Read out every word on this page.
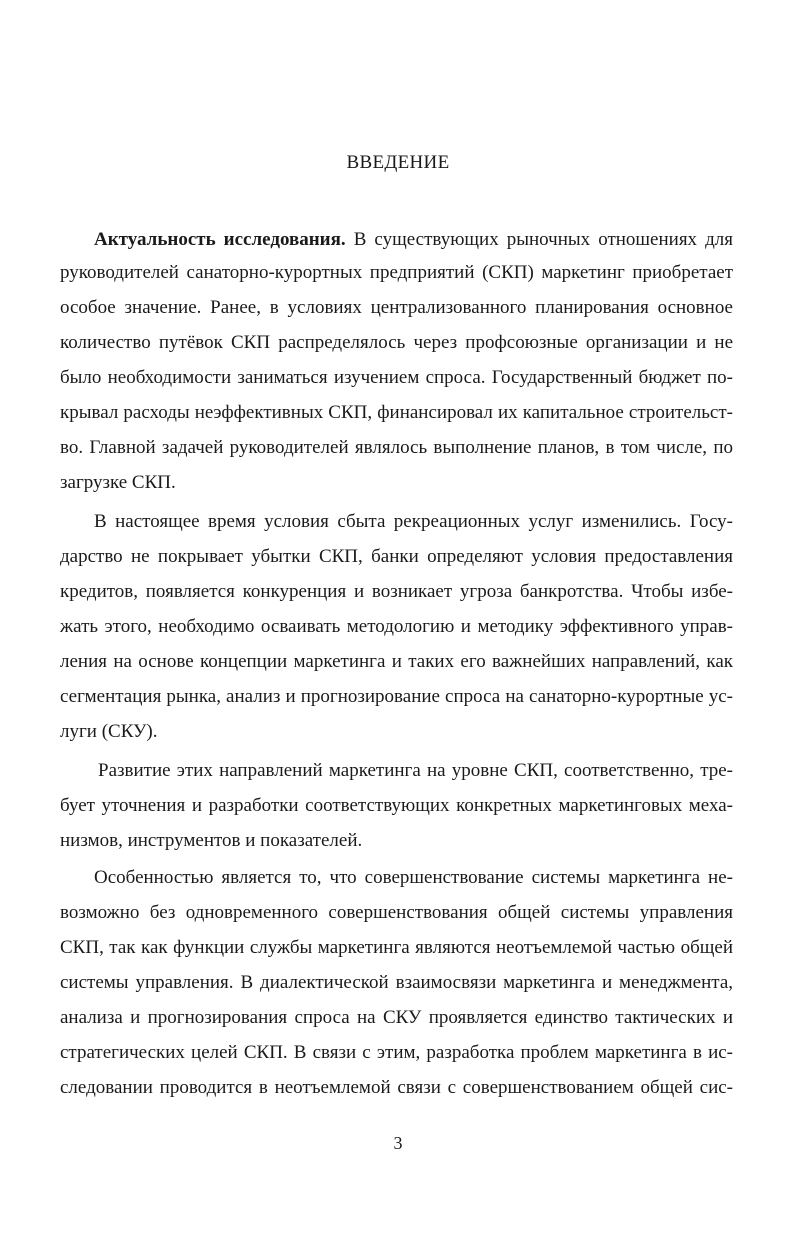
ВВЕДЕНИЕ
Актуальность исследования. В существующих рыночных отношениях для
руководителей санаторно-курортных предприятий (СКП) маркетинг приобретает
особое значение. Ранее, в условиях централизованного планирования основное
количество путёвок СКП распределялось через профсоюзные организации и не
было необходимости заниматься изучением спроса. Государственный бюджет по-
крывал расходы неэффективных СКП, финансировал их капитальное строительст-
во. Главной задачей руководителей являлось выполнение планов, в том числе, по
загрузке СКП.
В настоящее время условия сбыта рекреационных услуг изменились. Госу-
дарство не покрывает убытки СКП, банки определяют условия предоставления
кредитов, появляется конкуренция и возникает угроза банкротства. Чтобы избе-
жать этого, необходимо осваивать методологию и методику эффективного управ-
ления на основе концепции маркетинга и таких его важнейших направлений, как
сегментация рынка, анализ и прогнозирование спроса на санаторно-курортные ус-
луги (СКУ).
Развитие этих направлений маркетинга на уровне СКП, соответственно, тре-
бует уточнения и разработки соответствующих конкретных маркетинговых меха-
низмов, инструментов и показателей.
Особенностью является то, что совершенствование системы маркетинга не-
возможно без одновременного совершенствования общей системы управления
СКП, так как функции службы маркетинга являются неотъемлемой частью общей
системы управления. В диалектической взаимосвязи маркетинга и менеджмента,
анализа и прогнозирования спроса на СКУ проявляется единство тактических и
стратегических целей СКП. В связи с этим, разработка проблем маркетинга в ис-
следовании проводится в неотъемлемой связи с совершенствованием общей сис-
3
